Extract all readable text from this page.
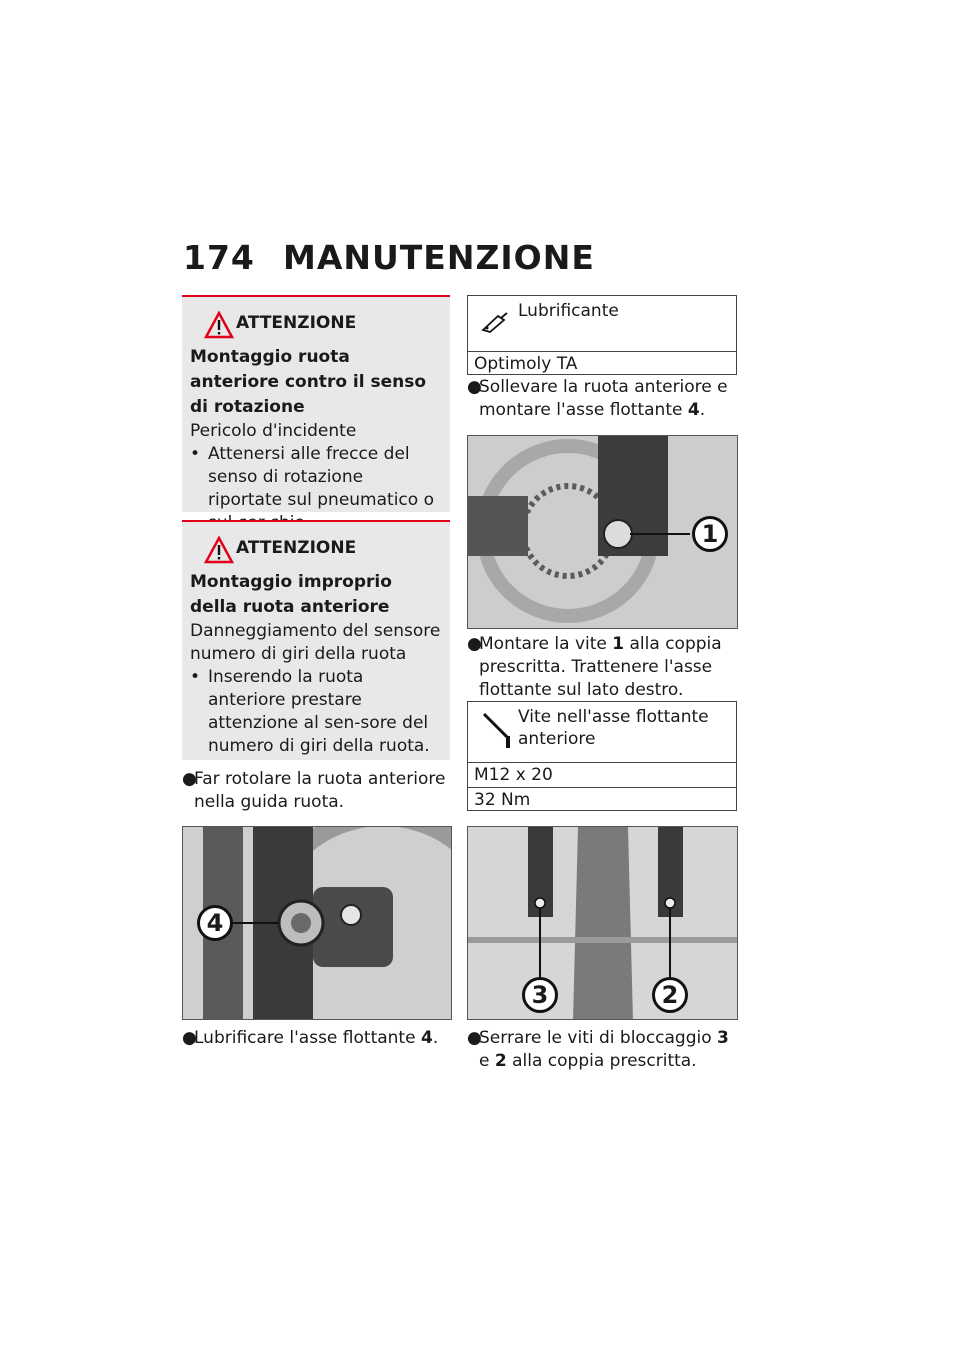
174 MANUTENZIONE
ATTENZIONE
Montaggio ruota anteriore contro il senso di rotazione
Pericolo d'incidente
• Attenersi alle frecce del senso di rotazione riportate sul pneumatico o
ATTENZIONE
Montaggio improprio della ruota anteriore
Danneggiamento del sensore numero di giri della ruota
• Inserendo la ruota anteriore prestare attenzione al sen-sore del numero di giri della ruota.
●
Far rotolare la ruota anteriore nella guida ruota.
4
●
Lubrificare l'asse flottante 4.
Lubrificante
Optimoly TA
●
Sollevare la ruota anteriore e montare l'asse flottante 4.
1
●
Montare la vite 1 alla coppia prescritta. Trattenere l'asse flottante sul lato destro.
Vite nell'asse flottante anteriore
M12 x 20
32 Nm
3	2
●
Serrare le viti di bloccaggio 3 e 2 alla coppia prescritta.
